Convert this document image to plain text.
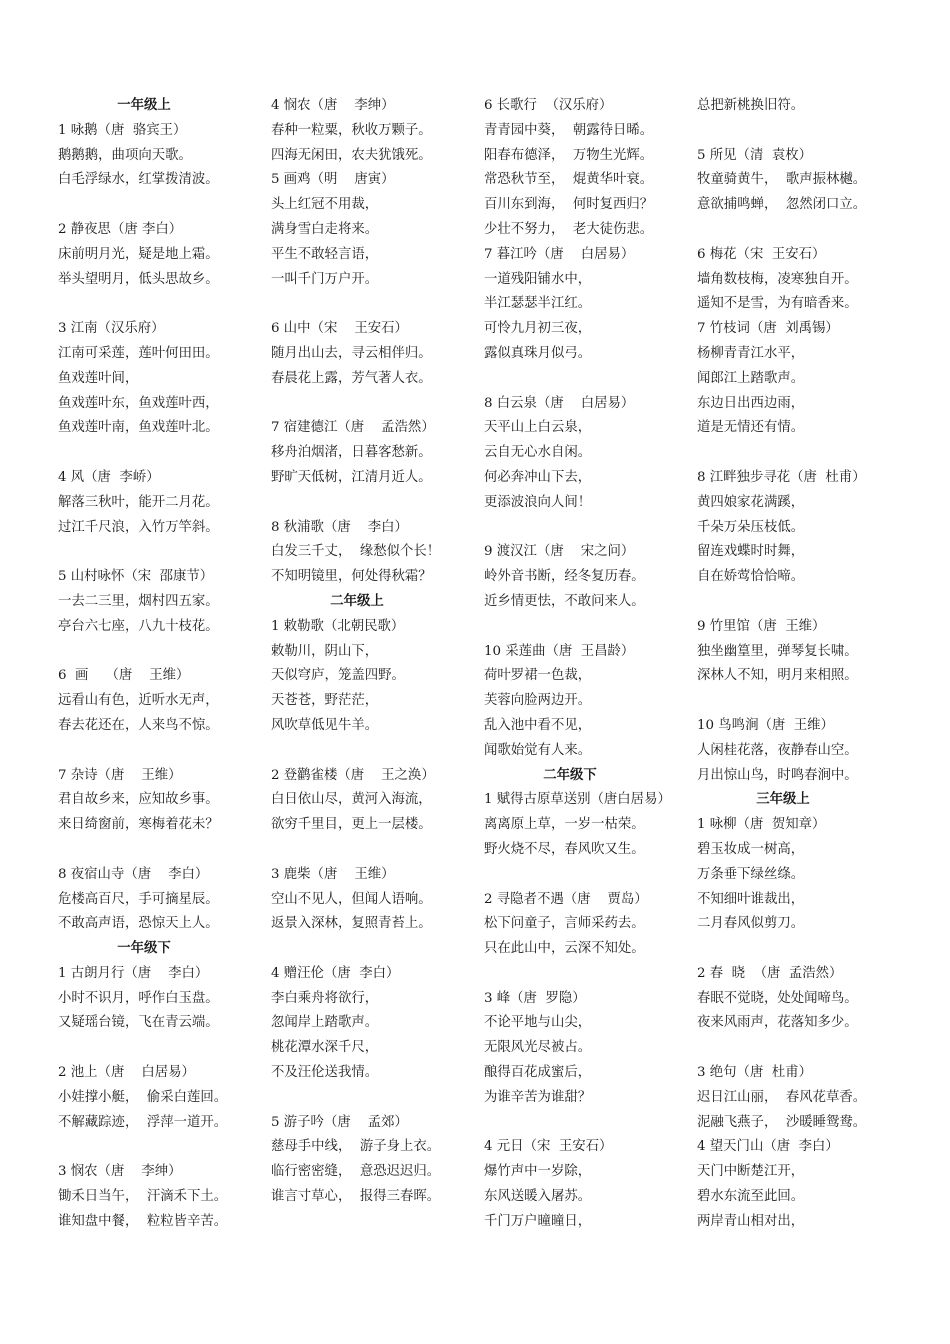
一年级上
1 咏鹅（唐  骆宾王）
鹅鹅鹅，曲项向天歌。
白毛浮绿水，红掌拨清波。
2 静夜思（唐 李白）
床前明月光，疑是地上霜。
举头望明月，低头思故乡。
3 江南（汉乐府）
江南可采莲，莲叶何田田。
鱼戏莲叶间，
鱼戏莲叶东，鱼戏莲叶西，
鱼戏莲叶南，鱼戏莲叶北。
4 风（唐  李峤）
解落三秋叶，能开二月花。
过江千尺浪，入竹万竿斜。
5 山村咏怀（宋  邵康节）
一去二三里，烟村四五家。
亭台六七座，八九十枝花。
6  画    （唐    王维）
远看山有色，近听水无声，
春去花还在，人来鸟不惊。
7 杂诗（唐    王维）
君自故乡来，应知故乡事。
来日绮窗前，寒梅着花未？
8 夜宿山寺（唐    李白）
危楼高百尺，手可摘星辰。
不敢高声语，恐惊天上人。
一年级下
1 古朗月行（唐    李白）
小时不识月，呼作白玉盘。
又疑瑶台镜，飞在青云端。
2 池上（唐    白居易）
小娃撑小艇，  偷采白莲回。
不解藏踪迹，  浮萍一道开。
3 悯农（唐    李绅）
锄禾日当午，  汗滴禾下土。
谁知盘中餐，  粒粒皆辛苦。
4 悯农（唐    李绅）
春种一粒粟，秋收万颗子。
四海无闲田，农夫犹饿死。
5 画鸡（明    唐寅）
头上红冠不用裁，
满身雪白走将来。
平生不敢轻言语，
一叫千门万户开。
6 山中（宋    王安石）
随月出山去，寻云相伴归。
春晨花上露，芳气著人衣。
7 宿建德江（唐    孟浩然）
移舟泊烟渚，日暮客愁新。
野旷天低树，江清月近人。
8 秋浦歌（唐    李白）
白发三千丈，  缘愁似个长！
不知明镜里，何处得秋霜？
二年级上
1 敕勒歌（北朝民歌）
敕勒川，阴山下，
天似穹庐，笼盖四野。
天苍苍，野茫茫，
风吹草低见牛羊。
2 登鹳雀楼（唐    王之涣）
白日依山尽，黄河入海流，
欲穷千里目，更上一层楼。
3 鹿柴（唐    王维）
空山不见人，但闻人语响。
返景入深林，复照青苔上。
4 赠汪伦（唐  李白）
李白乘舟将欲行，
忽闻岸上踏歌声。
桃花潭水深千尺，
不及汪伦送我情。
5 游子吟（唐    孟郊）
慈母手中线，  游子身上衣。
临行密密缝，  意恐迟迟归。
谁言寸草心，  报得三春晖。
6 长歌行  （汉乐府）
青青园中葵，  朝露待日晞。
阳春布德泽，  万物生光辉。
常恐秋节至，  焜黄华叶衰。
百川东到海，  何时复西归？
少壮不努力，  老大徒伤悲。
7 暮江吟（唐    白居易）
一道残阳铺水中，
半江瑟瑟半江红。
可怜九月初三夜，
露似真珠月似弓。
8 白云泉（唐    白居易）
天平山上白云泉，
云自无心水自闲。
何必奔冲山下去，
更添波浪向人间！
9 渡汉江（唐    宋之问）
岭外音书断，经冬复历春。
近乡情更怯，不敢问来人。
10 采莲曲（唐  王昌龄）
荷叶罗裙一色裁，
芙蓉向脸两边开。
乱入池中看不见，
闻歌始觉有人来。
二年级下
1 赋得古原草送别（唐白居易）
离离原上草，一岁一枯荣。
野火烧不尽，春风吹又生。
2 寻隐者不遇（唐    贾岛）
松下问童子，言师采药去。
只在此山中，云深不知处。
3 峰（唐  罗隐）
不论平地与山尖，
无限风光尽被占。
酿得百花成蜜后，
为谁辛苦为谁甜？
4 元日（宋  王安石）
爆竹声中一岁除，
东风送暖入屠苏。
千门万户曈曈日，
总把新桃换旧符。
5 所见（清  袁枚）
牧童骑黄牛，  歌声振林樾。
意欲捕鸣蝉，  忽然闭口立。
6 梅花（宋  王安石）
墙角数枝梅，凌寒独自开。
遥知不是雪，为有暗香来。
7 竹枝词（唐  刘禹锡）
杨柳青青江水平，
闻郎江上踏歌声。
东边日出西边雨，
道是无情还有情。
8 江畔独步寻花（唐  杜甫）
黄四娘家花满蹊，
千朵万朵压枝低。
留连戏蝶时时舞，
自在娇莺恰恰啼。
9 竹里馆（唐  王维）
独坐幽篁里，弹琴复长啸。
深林人不知，明月来相照。
10 鸟鸣涧（唐  王维）
人闲桂花落，夜静春山空。
月出惊山鸟，时鸣春涧中。
三年级上
1 咏柳（唐  贺知章）
碧玉妆成一树高，
万条垂下绿丝绦。
不知细叶谁裁出，
二月春风似剪刀。
2 春  晓  （唐  孟浩然）
春眠不觉晓，处处闻啼鸟。
夜来风雨声，花落知多少。
3 绝句（唐  杜甫）
迟日江山丽，  春风花草香。
泥融飞燕子，  沙暖睡鸳鸯。
4 望天门山（唐  李白）
天门中断楚江开，
碧水东流至此回。
两岸青山相对出，
